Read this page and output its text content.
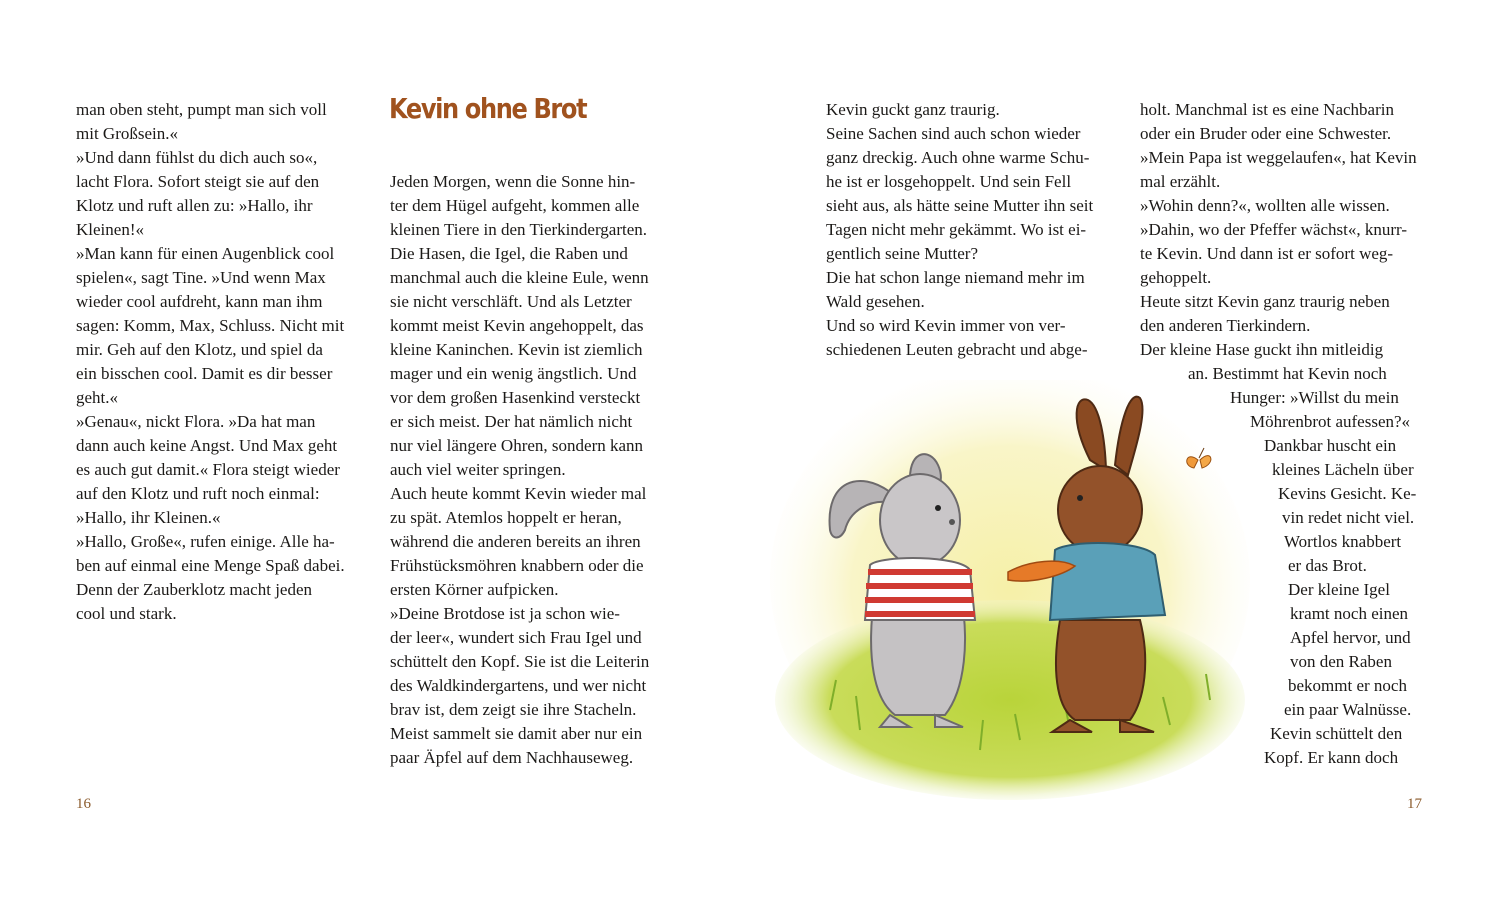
man oben steht, pumpt man sich voll
mit Großsein.«
»Und dann fühlst du dich auch so«,
lacht Flora. Sofort steigt sie auf den
Klotz und ruft allen zu: »Hallo, ihr
Kleinen!«
»Man kann für einen Augenblick cool
spielen«, sagt Tine. »Und wenn Max
wieder cool aufdreht, kann man ihm
sagen: Komm, Max, Schluss. Nicht mit
mir. Geh auf den Klotz, und spiel da
ein bisschen cool. Damit es dir besser
geht.«
»Genau«, nickt Flora. »Da hat man
dann auch keine Angst. Und Max geht
es auch gut damit.« Flora steigt wieder
auf den Klotz und ruft noch einmal:
»Hallo, ihr Kleinen.«
»Hallo, Große«, rufen einige. Alle ha-
ben auf einmal eine Menge Spaß dabei.
Denn der Zauberklotz macht jeden
cool und stark.
Kevin ohne Brot
Jeden Morgen, wenn die Sonne hin-
ter dem Hügel aufgeht, kommen alle
kleinen Tiere in den Tierkindergarten.
Die Hasen, die Igel, die Raben und
manchmal auch die kleine Eule, wenn
sie nicht verschläft. Und als Letzter
kommt meist Kevin angehoppelt, das
kleine Kaninchen. Kevin ist ziemlich
mager und ein wenig ängstlich. Und
vor dem großen Hasenkind versteckt
er sich meist. Der hat nämlich nicht
nur viel längere Ohren, sondern kann
auch viel weiter springen.
Auch heute kommt Kevin wieder mal
zu spät. Atemlos hoppelt er heran,
während die anderen bereits an ihren
Frühstücksmöhren knabbern oder die
ersten Körner aufpicken.
»Deine Brotdose ist ja schon wie-
der leer«, wundert sich Frau Igel und
schüttelt den Kopf. Sie ist die Leiterin
des Waldkindergartens, und wer nicht
brav ist, dem zeigt sie ihre Stacheln.
Meist sammelt sie damit aber nur ein
paar Äpfel auf dem Nachhauseweg.
Kevin guckt ganz traurig.
Seine Sachen sind auch schon wieder
ganz dreckig. Auch ohne warme Schu-
he ist er losgehoppelt. Und sein Fell
sieht aus, als hätte seine Mutter ihn seit
Tagen nicht mehr gekämmt. Wo ist ei-
gentlich seine Mutter?
Die hat schon lange niemand mehr im
Wald gesehen.
Und so wird Kevin immer von ver-
schiedenen Leuten gebracht und abge-
holt. Manchmal ist es eine Nachbarin
oder ein Bruder oder eine Schwester.
»Mein Papa ist weggelaufen«, hat Kevin
mal erzählt.
»Wohin denn?«, wollten alle wissen.
»Dahin, wo der Pfeffer wächst«, knurr-
te Kevin. Und dann ist er sofort weg-
gehoppelt.
Heute sitzt Kevin ganz traurig neben
den anderen Tierkindern.
Der kleine Hase guckt ihn mitleidig
an. Bestimmt hat Kevin noch
Hunger: »Willst du mein
Möhrenbrot aufessen?«
Dankbar huscht ein
kleines Lächeln über
Kevins Gesicht. Ke-
vin redet nicht viel.
Wortlos knabbert
er das Brot.
Der kleine Igel
kramt noch einen
Apfel hervor, und
von den Raben
bekommt er noch
ein paar Walnüsse.
Kevin schüttelt den
Kopf. Er kann doch
16	17
